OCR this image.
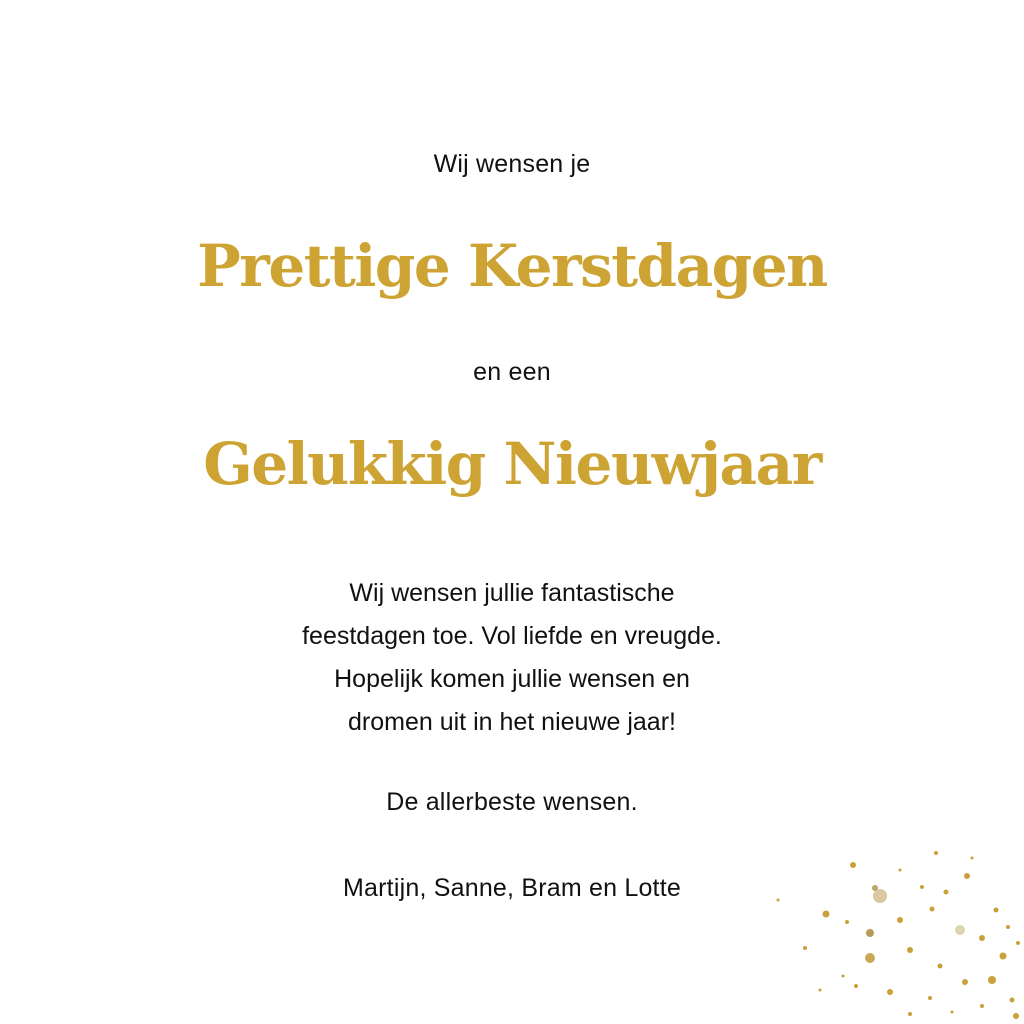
Wij wensen je
Prettige Kerstdagen
en een
Gelukkig Nieuwjaar
Wij wensen jullie fantastische
feestdagen toe. Vol liefde en vreugde.
Hopelijk komen jullie wensen en
dromen uit in het nieuwe jaar!
De allerbeste wensen.
Martijn, Sanne, Bram en Lotte
